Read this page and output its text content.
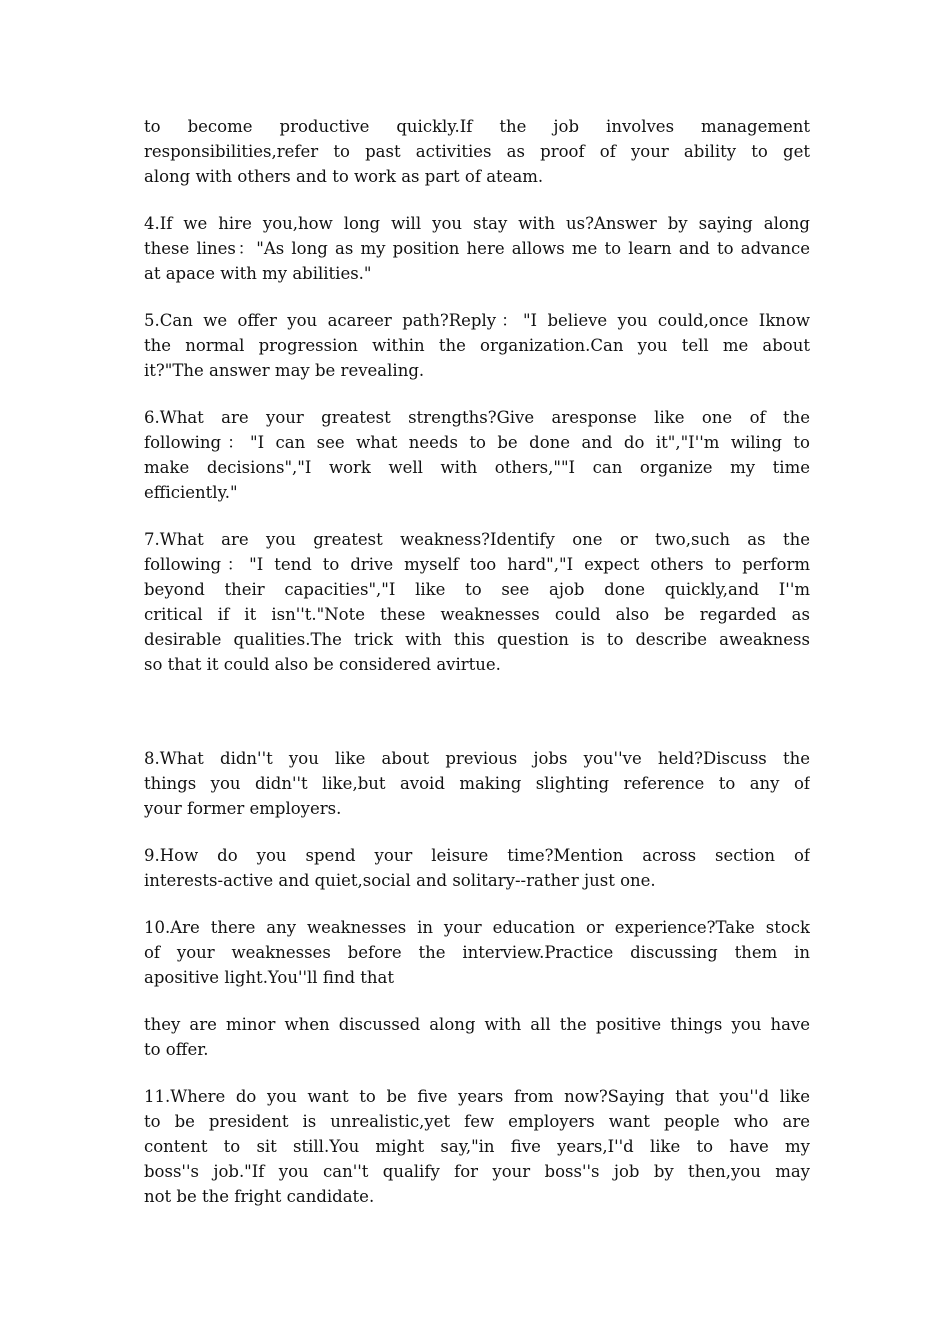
to become productive quickly.If the job involves management
responsibilities,refer to past activities as proof of your ability to get
along with others and to work as part of ateam.
4.If we hire you,how long will you stay with us?Answer by saying along
these lines："As long as my position here allows me to learn and to advance
at apace with my abilities."
5.Can we offer you acareer path?Reply："I believe you could,once Iknow
the normal progression within the organization.Can you tell me about
it?"The answer may be revealing.
6.What are your greatest strengths?Give aresponse like one of the
following："I can see what needs to be done and do it","I''m wiling to
make decisions","I work well with others,""I can organize my time
efficiently."
7.What are you greatest weakness?Identify one or two,such as the
following："I tend to drive myself too hard","I expect others to perform
beyond their capacities","I like to see ajob done quickly,and I''m
critical if it isn''t."Note these weaknesses could also be regarded as
desirable qualities.The trick with this question is to describe aweakness
so that it could also be considered avirtue.
8.What didn''t you like about previous jobs you''ve held?Discuss the
things you didn''t like,but avoid making slighting reference to any of
your former employers.
9.How do you spend your leisure time?Mention across section of
interests-active and quiet,social and solitary--rather just one.
10.Are there any weaknesses in your education or experience?Take stock
of your weaknesses before the interview.Practice discussing them in
apositive light.You''ll find that
they are minor when discussed along with all the positive things you have
to offer.
11.Where do you want to be five years from now?Saying that you''d like
to be president is unrealistic,yet few employers want people who are
content to sit still.You might say,"in five years,I''d like to have my
boss''s job."If you can''t qualify for your boss''s job by then,you may
not be the fright candidate.
